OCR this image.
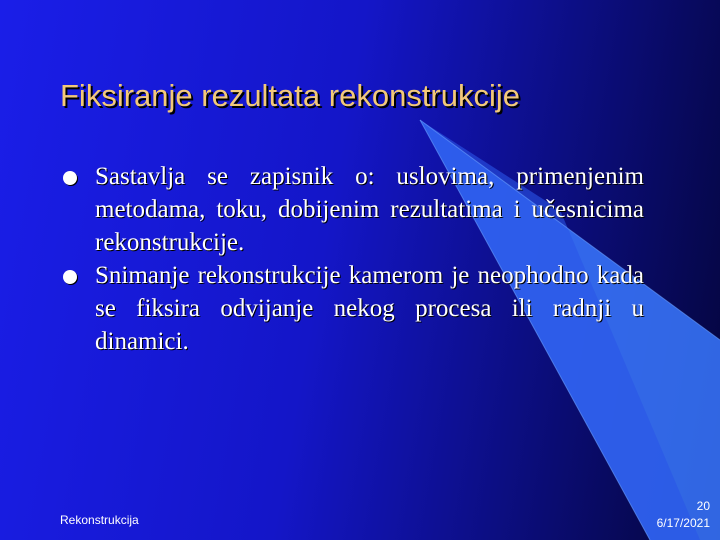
Fiksiranje rezultata rekonstrukcije
Sastavlja se zapisnik o: uslovima, primenjenim metodama, toku, dobijenim rezultatima i učesnicima rekonstrukcije.
Snimanje rekonstrukcije kamerom je neophodno kada se fiksira odvijanje nekog procesa ili radnji u dinamici.
Rekonstrukcija
20
6/17/2021
